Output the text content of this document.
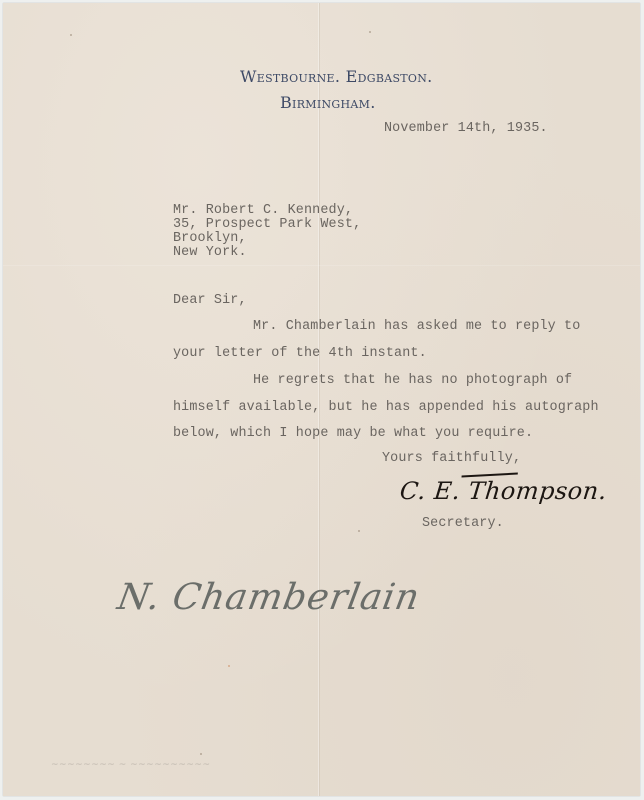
Westbourne. Edgbaston.
Birmingham.
November 14th, 1935.
Mr. Robert C. Kennedy,
35, Prospect Park West,
Brooklyn,
New York.
Dear Sir,
Mr. Chamberlain has asked me to reply to
your letter of the 4th instant.
He regrets that he has no photograph of
himself available, but he has appended his autograph
below, which I hope may be what you require.
Yours faithfully,
C. E. Thompson.
Secretary.
N. Chamberlain
~~~~~~~~ ~ ~~~~~~~~~~
